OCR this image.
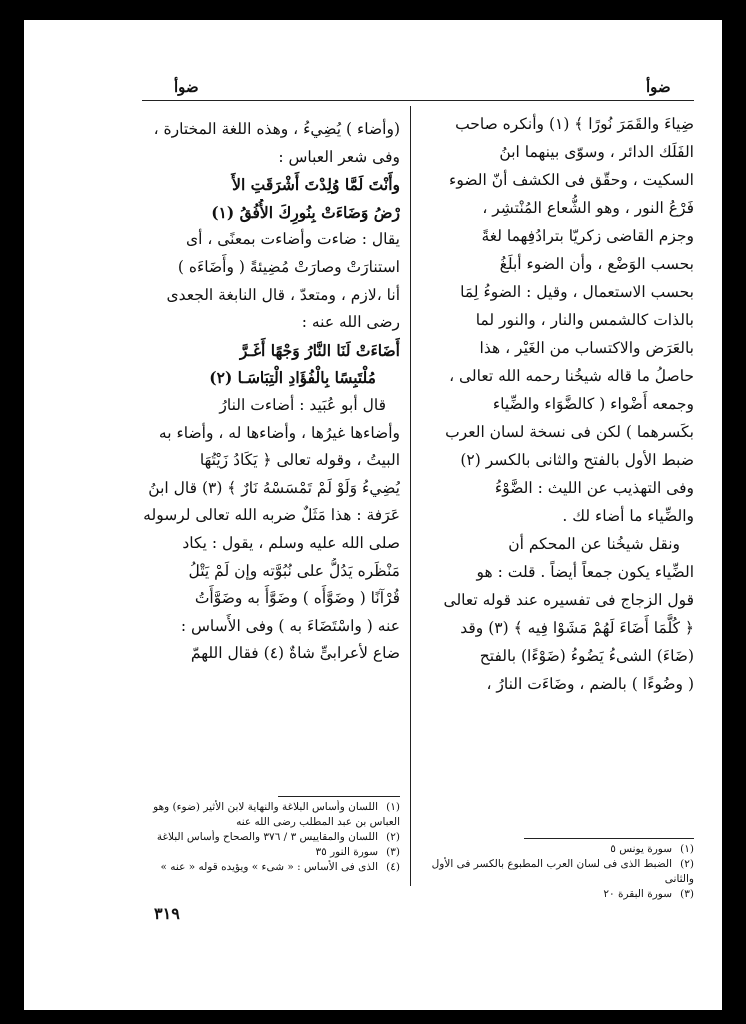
ضوأ
ضوأ
ضِياءَ والقَمَرَ نُورًا ﴾ (١) وأنكره صاحب
الفَلَك الدائر ، وسوّى بينهما ابنُ
السكيت ، وحقّق فى الكشف أنّ الضوء
فَرْعُ النور ، وهو الشُّعاع المُنْتشِر ،
وجزم القاضى زكريّا بترادُفِهما لغةً
بحسب الوَضْع ، وأن الضوء أبلَغُ
بحسب الاستعمال ، وقيل : الضوءُ لِمَا
بالذات كالشمس والنار ، والنور لما
بالعَرَض والاكتساب من الغَيْر ، هذا
حاصلُ ما قاله شيخُنا رحمه الله تعالى ،
وجمعه أَضْواء ( كالضَّوَاء والضِّياء
بكَسرهما ) لكن فى نسخة لسان العرب
ضبط الأول بالفتح والثانى بالكسر (٢)
وفى التهذيب عن الليث : الضَّوْءُ
والضِّياء ما أضاء لك .
ونقل شيخُنا عن المحكم أن
الضِّياء يكون جمعاً أيضاً . قلت : هو
قول الزجاج فى تفسيره عند قوله تعالى
﴿ كُلَّمَا أَضَاءَ لَهُمْ مَشَوْا فِيه ﴾ (٣) وقد
(ضَاءَ) الشىءُ يَضُوءُ (ضَوْءًا) بالفتح
( وضُوءًا ) بالضم ، وضَاءَت النارُ ،
(وأضاء ) يُضِيءُ ، وهذه اللغة المختارة ،
وفى شعر العباس :
وأَنْتَ لَمَّا وُلِدْتَ أَشْرَقَتِ الأَ
رْضُ وَضَاءَتْ بِنُورِكَ الأُفُقُ (١)
يقال : ضاءت وأضاءت بمعنًى ، أى
استنارَتْ وصارَتْ مُضِيئةً ( وأَضَاءَه )
أنا ،لازم ، ومتعدّ ، قال النابغة الجعدى
رضى الله عنه :
أَضَاءَتْ لَنَا النَّارُ وَجْهًا أَغَـرَّ
مُلْتَبِسًا بِالْفُؤَادِ الْتِبَاسَـا (٢)
قال أبو عُبَيد : أضاءت النارُ
وأضاءها غيرُها ، وأضاءها له ، وأضاء به
البيتُ ، وقوله تعالى ﴿ يَكَادُ زَيْتُهَا
يُضِيءُ وَلَوْ لَمْ تَمْسَسْهُ نَارٌ ﴾ (٣) قال ابنُ
عَرَفة : هذا مَثَلٌ ضربه الله تعالى لرسوله
صلى الله عليه وسلم ، يقول : يكاد
مَنْظَره يَدُلُّ على نُبُوَّته وإن لَمْ يَتْلُ
قُرْآنًا ( وضَوَّأَه ) وضَوَّأَ به وضَوَّأَتُ
عنه ( واسْتَضَاءَ به ) وفى الأَساس :
ضاع لأعرابىٍّ شاةٌ (٤) فقال اللهمّ
(١)سورة يونس ٥
(٢)الضبط الذى فى لسان العرب المطبوع بالكسر فى الأول والثانى
(٣)سورة البقرة ٢٠
(١)اللسان وأساس البلاغة والنهاية لابن الأثير (ضوء) وهو العباس بن عبد المطلب رضى الله عنه
(٢)اللسان والمقاييس ٣ / ٣٧٦ والصحاح وأساس البلاغة
(٣)سورة النور ٣٥
(٤)الذى فى الأساس : « شىء » ويؤيده قوله « عنه »
٣١٩
